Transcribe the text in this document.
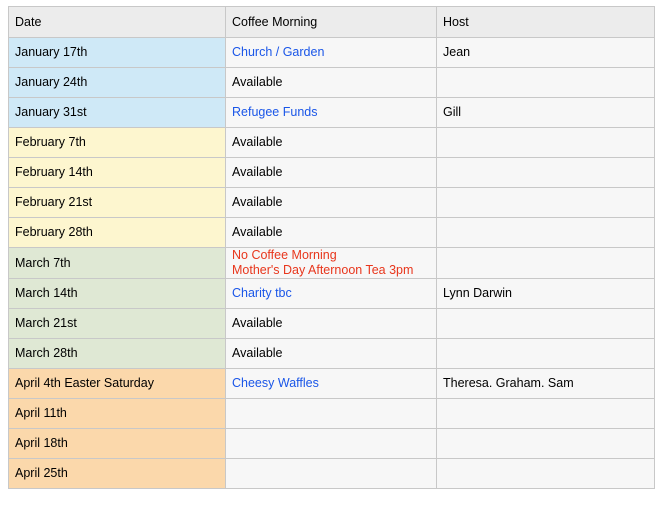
Date	Coffee Morning	Host
January 17th	Church / Garden	Jean
January 24th	Available	
January 31st	Refugee Funds	Gill
February 7th	Available	
February 14th	Available	
February 21st	Available	
February 28th	Available	
March 7th	No Coffee Morning
Mother's Day Afternoon Tea 3pm	
March 14th	Charity tbc	Lynn Darwin
March 21st	Available	
March 28th	Available	
April 4th Easter Saturday	Cheesy Waffles	Theresa. Graham. Sam
April 11th		
April 18th		
April 25th		
